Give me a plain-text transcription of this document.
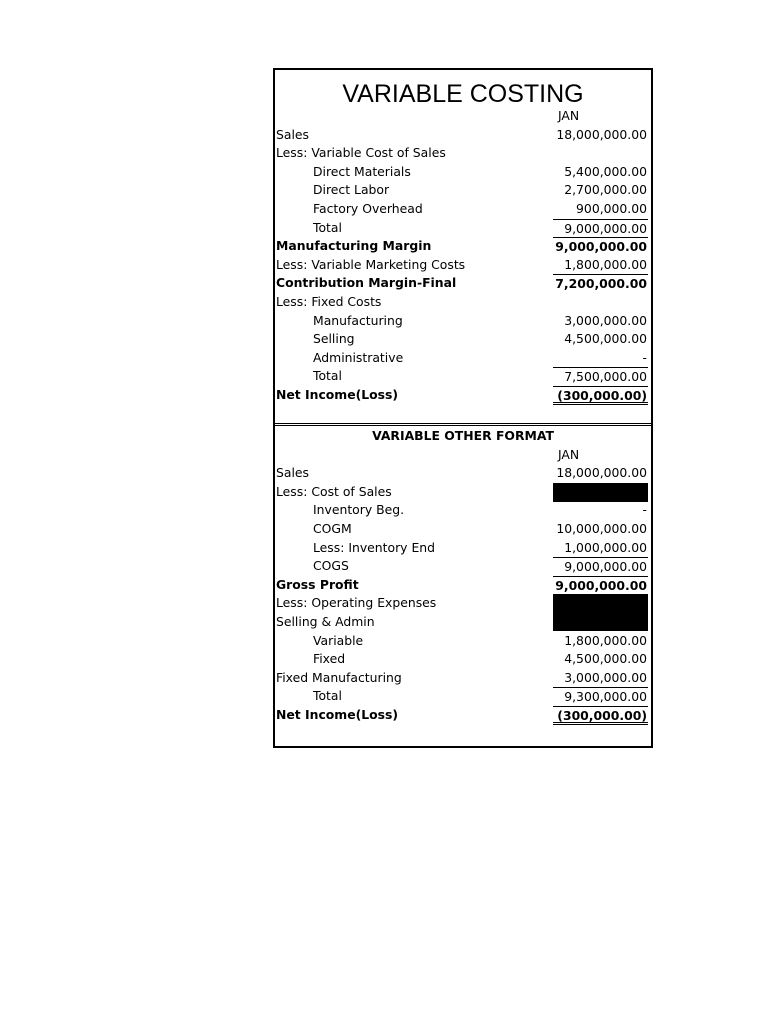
VARIABLE COSTING
JAN
Sales	18,000,000.00
Less: Variable Cost of Sales
Direct Materials	5,400,000.00
Direct Labor	2,700,000.00
Factory Overhead	900,000.00
Total	9,000,000.00
Manufacturing Margin	9,000,000.00
Less: Variable Marketing Costs	1,800,000.00
Contribution Margin-Final	7,200,000.00
Less: Fixed Costs
Manufacturing	3,000,000.00
Selling	4,500,000.00
Administrative	-
Total	7,500,000.00
Net Income(Loss)	(300,000.00)
VARIABLE OTHER FORMAT
JAN
Sales	18,000,000.00
Less: Cost of Sales
Inventory Beg.	-
COGM	10,000,000.00
Less: Inventory End	1,000,000.00
COGS	9,000,000.00
Gross Profit	9,000,000.00
Less: Operating Expenses
Selling & Admin
Variable	1,800,000.00
Fixed	4,500,000.00
Fixed Manufacturing	3,000,000.00
Total	9,300,000.00
Net Income(Loss)	(300,000.00)
